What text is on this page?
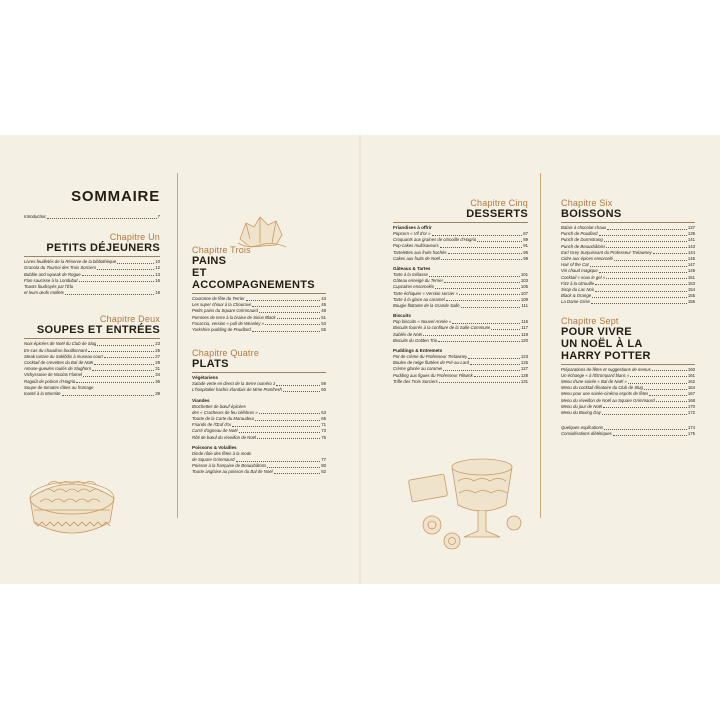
SOMMAIRE
Introduction	7
Chapitre Un
PETITS DÉJEUNERS
Livres feuilletés de la Réserve de la bibliothèque	10
Granola du Tournoi des Trois Sorciers	12
Bubble and squeak de Rogue	13
Flan saucisse à la Londubat	16
Toasts foudroyés par l'Élu
et leurs œufs mollets	18
Chapitre Deux
SOUPES ET ENTRÉES
Noix épicées de Noël du Club de Slug	23
En-cas du chaudron bouillonnant	25
Steak tartare du Saklõdis à museau court	27
Cocktail de crevettes du Bal de Noël	29
Amuse-gueules roulés de Slughorn	31
Vichyssoise de Nicolas Flamel	34
Ragoût de potiron d'Hagrid	36
Soupe de tomates rôties au fromage
toasté à la Marmite	38
Chapitre Trois
PAINS
ET ACCOMPAGNEMENTS
Couronne de fête du Terrier	43
Les super choux à la Chourave	45
Petits pains du Square Grimmaurd	48
Pommes de terre à la braise de Sirius Black	51
Focaccia, version « pull de Weasley »	53
Yorkshire pudding de Poudlard	55
Chapitre Quatre
PLATS
Végétariens
Salade verte en direct de la Serre numéro 3	59
L'hospitalier hachis irlandais de Mme Pomfresh	60
Viandes
Brochettes de bœuf épicées
des « Cracheurs de feu célèbres »	63
Tourte de la Carte du Maraudeur	65
Friands de l'Œuf d'or	71
Carré d'agneau de Noël	73
Rôti de bœuf du réveillon de Noël	75
Poissons & Volailles
Dinde rôtie des fêtes à la mode
de Square Grimmaurd	77
Poisson à la française de Beauxbâtons	80
Tourte anglaise au poisson du Bal de Noël	82
Chapitre Cinq
DESSERTS
Friandises à offrir
Popcorn « Vif d'or »	87
Croquants aux graines de citrouille d'Hagrid	89
Pop-cakes multisaveurs	91
Tartelettes aux fruits hachés	95
Cakes aux fruits de Noël	99
Gâteaux & Tartes
Tarte à la mélasse	101
Gâteau enneigé du Terrier	103
Cupcakes ensorcelés	105
Tarte échiquier « Version sorcier »	107
Tarte à la glace au caramel	109
Bougie flottante de la Grande Salle	111
Biscuits
Pop biscuits « Nouvel Année »	115
Biscuits fourrés à la confiture de la Salle Commune	117
Sablés de Noël	118
Biscuits du Golden Trio	120
Puddings & Entremets
Pot de crème du Professeur Trelawney	123
Boules de neige fluttées de Pré-au-Lard	125
Crème glacée au caramel	127
Pudding aux figues du Professeur Flitwick	128
Trifle des Trois Sorciers	131
Chapitre Six
BOISSONS
Balais à chocolat chaud	137
Punch de Poudlard	139
Punch de Durmstrang	141
Punch de Beauxbâtons	143
Earl Grey Surpuissant du Professeur Trelawney	144
Cidre aux épices ensorcelé	145
Hair of the Cat	147
Vin chaud magique	149
Cocktail « sous le gel »	151
Fizz à la citrouille	153
Sirop du Lac Noir	154
Black & Orange	155
La Dame Grise	156
Chapitre Sept
POUR VIVRE
UN NOËL À LA
HARRY POTTER
Préparations de fêtes et suggestions de menus	160
Un échange « à l'Étrompard blanc »	161
Menu d'une soirée « Bal de Noël »	162
Menu du cocktail dînatoire du Club de Slug	164
Menu pour une soirée-cinéma esprits de fêtes	167
Menu du réveillon de Noël au Square Grimmaurd	168
Menu du jour de Noël	170
Menu du Boxing Day	172
Quelques explications	174
Considérations diététiques	175
